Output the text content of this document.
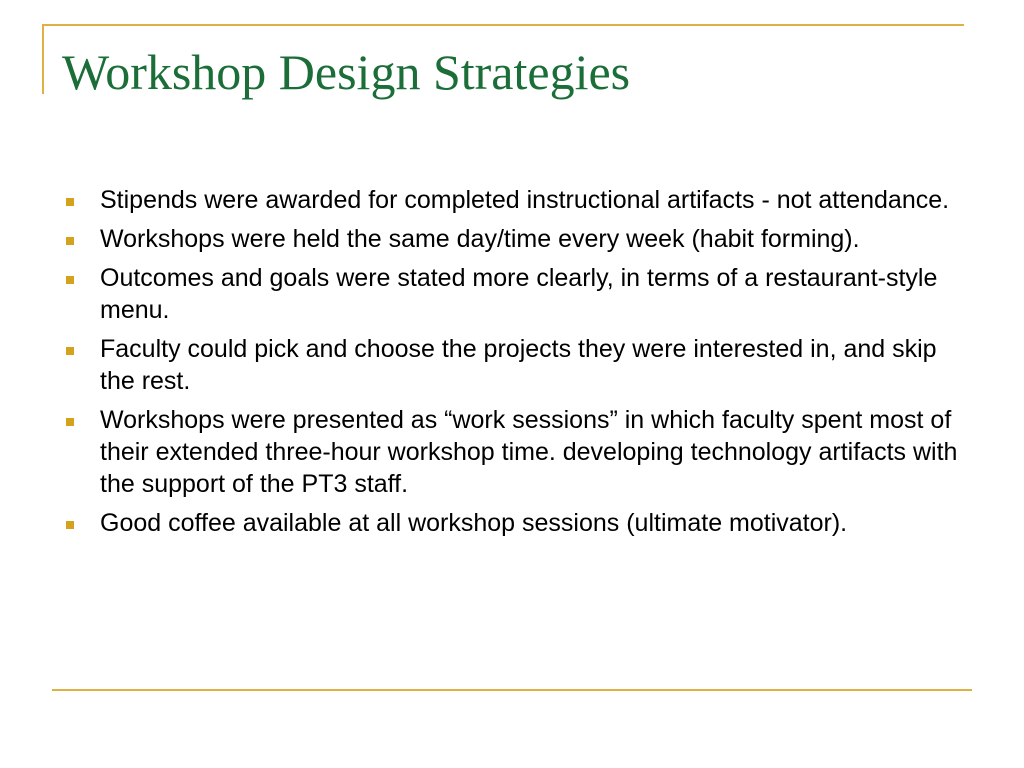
Workshop Design Strategies
Stipends were awarded for completed instructional artifacts - not attendance.
Workshops were held the same day/time every week (habit forming).
Outcomes and goals were stated more clearly, in terms of a restaurant-style menu.
Faculty could pick and choose the projects they were interested in, and skip the rest.
Workshops were presented as “work sessions” in which faculty spent most of their extended three-hour workshop time. developing technology artifacts with the support of the PT3 staff.
Good coffee available at all workshop sessions (ultimate motivator).
